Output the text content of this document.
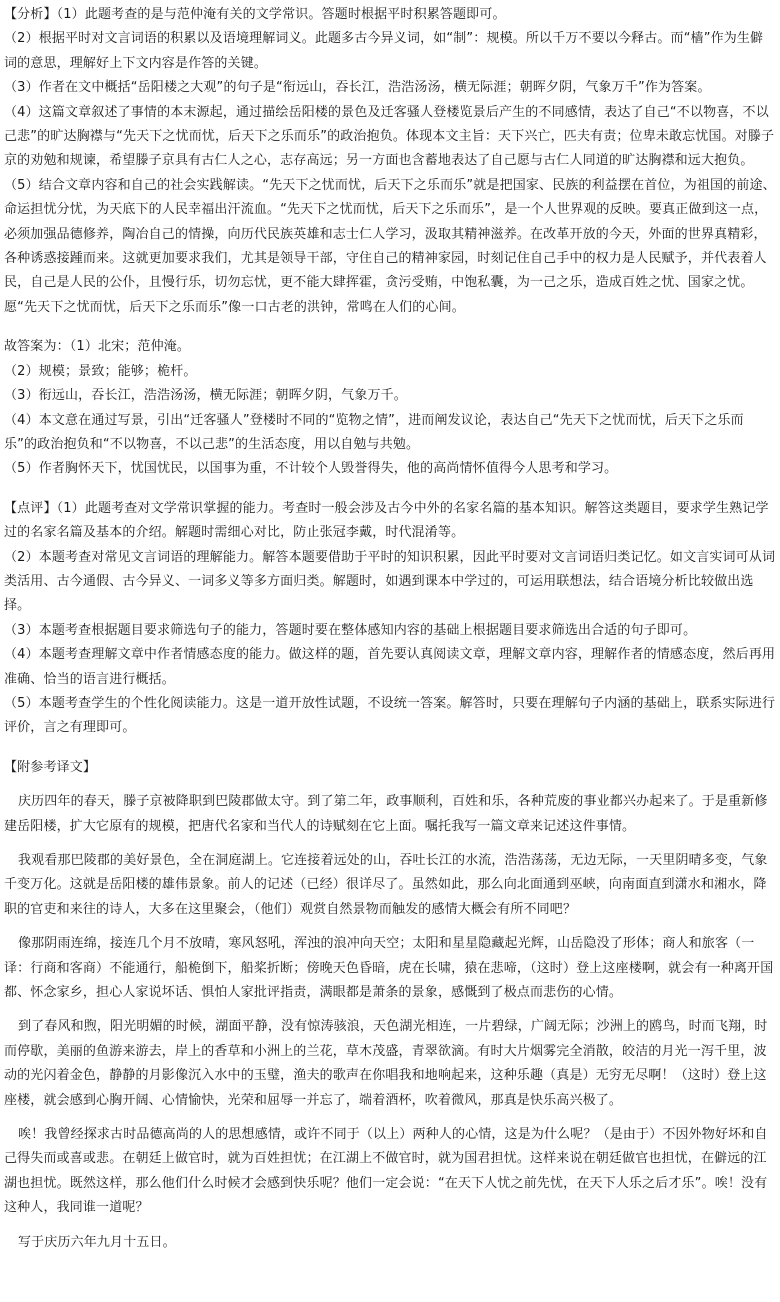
【分析】（1）此题考查的是与范仲淹有关的文学常识。答题时根据平时积累答题即可。

（2）根据平时对文言词语的积累以及语境理解词义。此题多古今异义词，如“制”：规模。所以千万不要以今释古。而“樯”作为生僻词的意思，理解好上下文内容是作答的关键。

（3）作者在文中概括“岳阳楼之大观”的句子是“衔远山，吞长江，浩浩汤汤，横无际涯；朝晖夕阴，气象万千”作为答案。

（4）这篇文章叙述了事情的本末源起，通过描绘岳阳楼的景色及迁客骚人登楼览景后产生的不同感情，表达了自己“不以物喜，不以己悲”的旷达胸襟与“先天下之忧而忧，后天下之乐而乐”的政治抱负。体现本文主旨：天下兴亡，匹夫有责；位卑未敢忘忧国。对滕子京的劝勉和规谏，希望滕子京具有古仁人之心，志存高远；另一方面也含蓄地表达了自己愿与古仁人同道的旷达胸襟和远大抱负。

（5）结合文章内容和自己的社会实践解读。“先天下之忧而忧，后天下之乐而乐”就是把国家、民族的利益摆在首位，为祖国的前途、命运担忧分忧，为天底下的人民幸福出汗流血。“先天下之忧而忧，后天下之乐而乐”，是一个人世界观的反映。要真正做到这一点，必须加强品德修养，陶冶自己的情操，向历代民族英雄和志士仁人学习，汲取其精神滋养。在改革开放的今天，外面的世界真精彩，各种诱惑接踵而来。这就更加要求我们，尤其是领导干部，守住自己的精神家园，时刻记住自己手中的权力是人民赋予，并代表着人民，自己是人民的公仆，且慢行乐，切勿忘忧，更不能大肆挥霍，贪污受贿，中饱私囊，为一己之乐，造成百姓之忧、国家之忧。愿“先天下之忧而忧，后天下之乐而乐”像一口古老的洪钟，常鸣在人们的心间。

故答案为：（1）北宋；范仲淹。

（2）规模；景致；能够；桅杆。

（3）衔远山，吞长江，浩浩汤汤，横无际涯；朝晖夕阴，气象万千。

（4）本文意在通过写景，引出“迁客骚人”登楼时不同的“览物之情”，进而阐发议论，表达自己“先天下之忧而忧，后天下之乐而乐”的政治抱负和“不以物喜，不以己悲”的生活态度，用以自勉与共勉。

（5）作者胸怀天下，忧国忧民，以国事为重，不计较个人毁誉得失，他的高尚情怀值得今人思考和学习。

【点评】（1）此题考查对文学常识掌握的能力。考查时一般会涉及古今中外的名家名篇的基本知识。解答这类题目，要求学生熟记学过的名家名篇及基本的介绍。解题时需细心对比，防止张冠李戴，时代混淆等。

（2）本题考查对常见文言词语的理解能力。解答本题要借助于平时的知识积累，因此平时要对文言词语归类记忆。如文言实词可从词类活用、古今通假、古今异义、一词多义等多方面归类。解题时，如遇到课本中学过的，可运用联想法，结合语境分析比较做出选择。

（3）本题考查根据题目要求筛选句子的能力，答题时要在整体感知内容的基础上根据题目要求筛选出合适的句子即可。

（4）本题考查理解文章中作者情感态度的能力。做这样的题，首先要认真阅读文章，理解文章内容，理解作者的情感态度，然后再用准确、恰当的语言进行概括。

（5）本题考查学生的个性化阅读能力。这是一道开放性试题，不设统一答案。解答时，只要在理解句子内涵的基础上，联系实际进行评价，言之有理即可。

【附参考译文】

庆历四年的春天，滕子京被降职到巴陵郡做太守。到了第二年，政事顺利，百姓和乐，各种荒废的事业都兴办起来了。于是重新修建岳阳楼，扩大它原有的规模，把唐代名家和当代人的诗赋刻在它上面。嘱托我写一篇文章来记述这件事情。

我观看那巴陵郡的美好景色，全在洞庭湖上。它连接着远处的山，吞吐长江的水流，浩浩荡荡，无边无际，一天里阴晴多变，气象千变万化。这就是岳阳楼的雄伟景象。前人的记述（已经）很详尽了。虽然如此，那么向北面通到巫峡，向南面直到潇水和湘水，降职的官吏和来往的诗人，大多在这里聚会，（他们）观赏自然景物而触发的感情大概会有所不同吧？

像那阴雨连绵，接连几个月不放晴，寒风怒吼，浑浊的浪冲向天空；太阳和星星隐藏起光辉，山岳隐没了形体；商人和旅客（一译：行商和客商）不能通行，船桅倒下，船桨折断；傍晚天色昏暗，虎在长啸，猿在悲啼，（这时）登上这座楼啊，就会有一种离开国都、怀念家乡，担心人家说坏话、惧怕人家批评指责，满眼都是萧条的景象，感慨到了极点而悲伤的心情。

到了春风和煦，阳光明媚的时候，湖面平静，没有惊涛骇浪，天色湖光相连，一片碧绿，广阔无际；沙洲上的鸥鸟，时而飞翔，时而停歇，美丽的鱼游来游去，岸上的香草和小洲上的兰花，草木茂盛，青翠欲滴。有时大片烟雾完全消散，皎洁的月光一泻千里，波动的光闪着金色，静静的月影像沉入水中的玉璧，渔夫的歌声在你唱我和地响起来，这种乐趣（真是）无穷无尽啊！（这时）登上这座楼，就会感到心胸开阔、心情愉快，光荣和屈辱一并忘了，端着酒杯，吹着微风，那真是快乐高兴极了。

唉！我曾经探求古时品德高尚的人的思想感情，或许不同于（以上）两种人的心情，这是为什么呢？（是由于）不因外物好坏和自己得失而或喜或悲。在朝廷上做官时，就为百姓担忧；在江湖上不做官时，就为国君担忧。这样来说在朝廷做官也担忧，在僻远的江湖也担忧。既然这样，那么他们什么时候才会感到快乐呢？他们一定会说：“在天下人忧之前先忧，在天下人乐之后才乐”。唉！没有这种人，我同谁一道呢？

写于庆历六年九月十五日。
